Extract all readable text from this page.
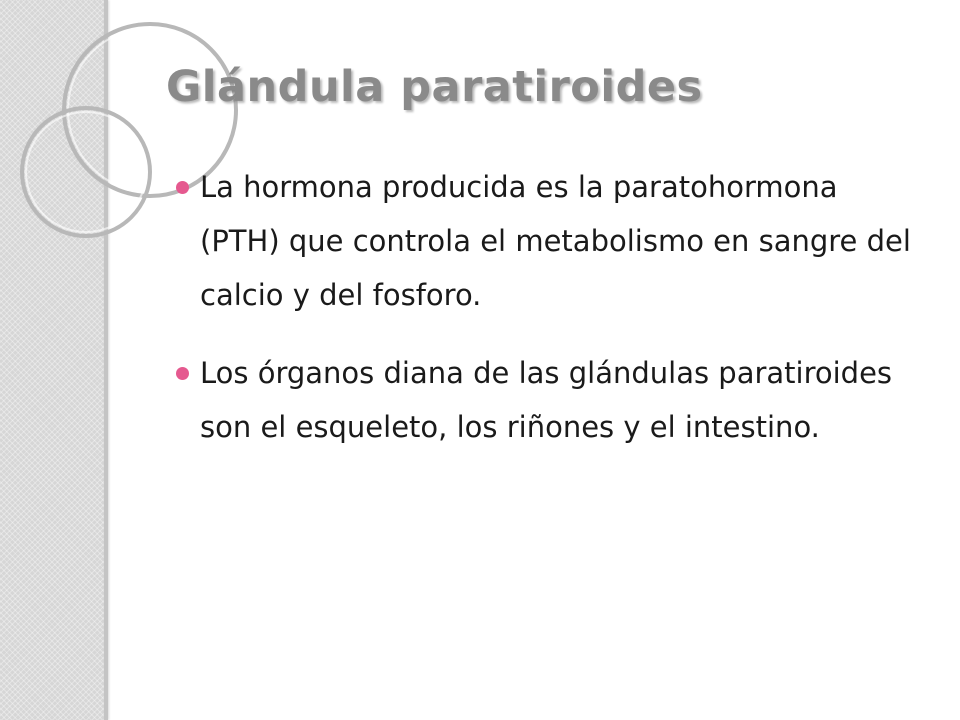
Glándula paratiroides
La hormona producida es la paratohormona (PTH) que controla el metabolismo en sangre del calcio y del fosforo.
Los órganos diana de las glándulas paratiroides son el esqueleto, los riñones y el intestino.
